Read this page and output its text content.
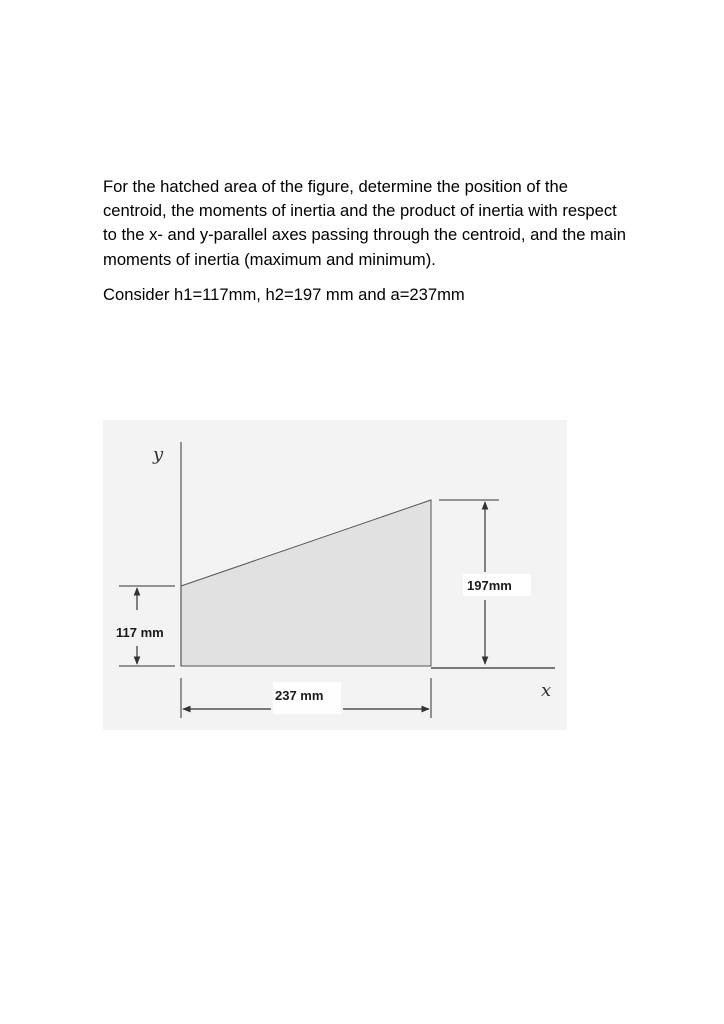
For the hatched area of the figure, determine the position of the centroid, the moments of inertia and the product of inertia with respect to the x- and y-parallel axes passing through the centroid, and the main moments of inertia (maximum and minimum).

Consider h1=117mm, h2=197 mm and a=237mm

y
x
117 mm
197mm
237 mm
